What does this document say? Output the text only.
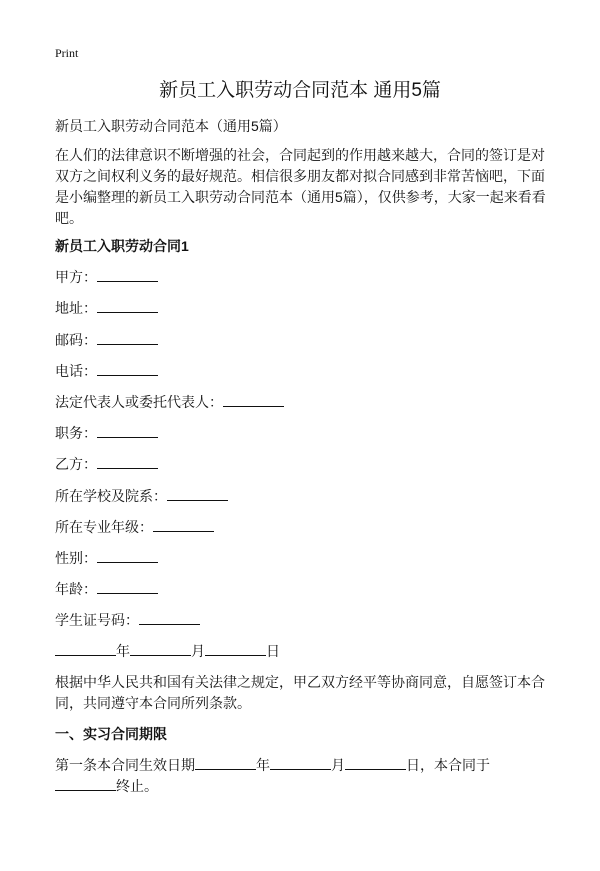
Print
新员工入职劳动合同范本 通用5篇
新员工入职劳动合同范本（通用5篇）
在人们的法律意识不断增强的社会，合同起到的作用越来越大，合同的签订是对双方之间权利义务的最好规范。相信很多朋友都对拟合同感到非常苦恼吧，下面是小编整理的新员工入职劳动合同范本（通用5篇），仅供参考，大家一起来看看吧。
新员工入职劳动合同1
甲方：
地址：
邮码：
电话：
法定代表人或委托代表人：
职务：
乙方：
所在学校及院系：
所在专业年级：
性别：
年龄：
学生证号码：
年	月	日
根据中华人民共和国有关法律之规定，甲乙双方经平等协商同意，自愿签订本合同，共同遵守本合同所列条款。
一、实习合同期限
第一条本合同生效日期	年	月	日，本合同于终止。
